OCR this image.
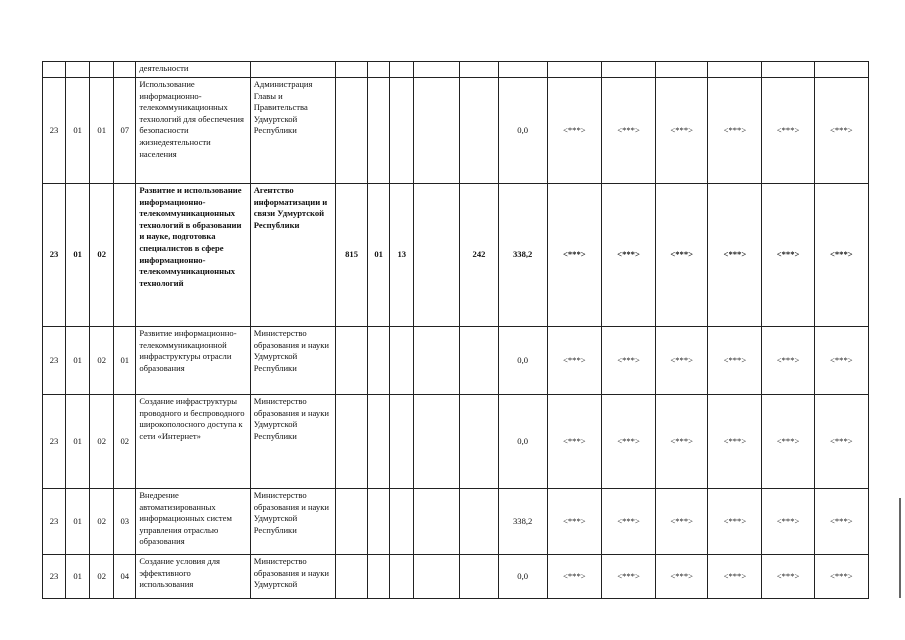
				деятельности													
23	01	01	07	Использование информационно-телекоммуникационных технологий для обеспечения безопасности жизнедеятельности населения	Администрация Главы и Правительства Удмуртской Республики						0,0	<***>	<***>	<***>	<***>	<***>	<***>
23	01	02		Развитие и использование информационно-телекоммуникационных технологий в образовании и науке, подготовка специалистов в сфере информационно-телекоммуникационных технологий	Агентство информатизации и связи Удмуртской Республики	815	01	13		242	338,2	<***>	<***>	<***>	<***>	<***>	<***>
23	01	02	01	Развитие информационно-телекоммуникационной инфраструктуры отрасли образования	Министерство образования и науки Удмуртской Республики						0,0	<***>	<***>	<***>	<***>	<***>	<***>
23	01	02	02	Создание инфраструктуры проводного и беспроводного широкополосного доступа к сети «Интернет»	Министерство образования и науки Удмуртской Республики						0,0	<***>	<***>	<***>	<***>	<***>	<***>
23	01	02	03	Внедрение автоматизированных информационных систем управления отраслью образования	Министерство образования и науки Удмуртской Республики						338,2	<***>	<***>	<***>	<***>	<***>	<***>
23	01	02	04	Создание условия для эффективного использования	Министерство образования и науки Удмуртской						0,0	<***>	<***>	<***>	<***>	<***>	<***>
